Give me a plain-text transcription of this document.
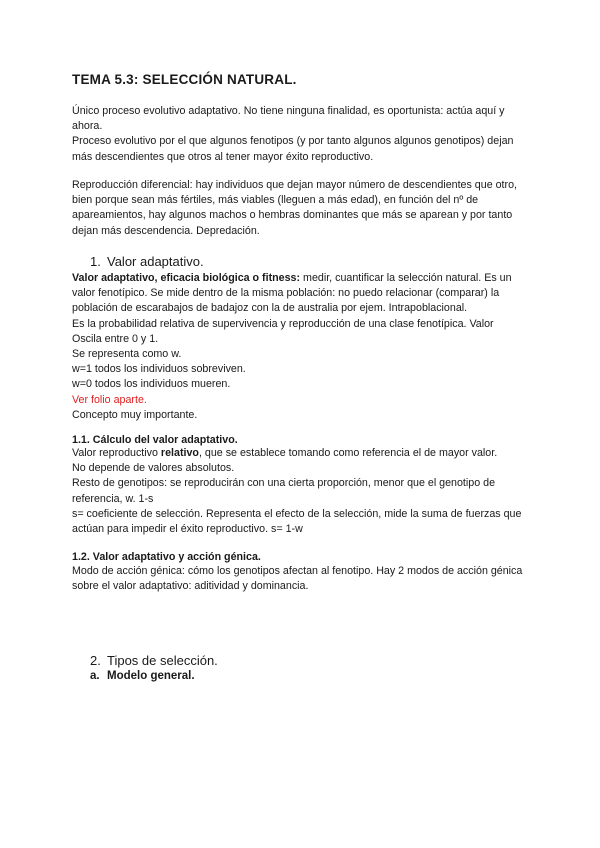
TEMA 5.3: SELECCIÓN NATURAL.

Único proceso evolutivo adaptativo. No tiene ninguna finalidad, es oportunista: actúa aquí y ahora.

Proceso evolutivo por el que algunos fenotipos (y por tanto algunos algunos genotipos) dejan más descendientes que otros al tener mayor éxito reproductivo.

Reproducción diferencial: hay individuos que dejan mayor número de descendientes que otro, bien porque sean más fértiles, más viables (lleguen a más edad), en función del nº de apareamientos, hay algunos machos o hembras dominantes que más se aparean y por tanto dejan más descendencia. Depredación.

1. Valor adaptativo.

Valor adaptativo, eficacia biológica o fitness: medir, cuantificar la selección natural. Es un valor fenotípico. Se mide dentro de la misma población: no puedo relacionar (comparar) la población de escarabajos de badajoz con la de australia por ejem. Intrapoblacional.

Es la probabilidad relativa de supervivencia y reproducción de una clase fenotípica. Valor

Oscila entre 0 y 1.

Se representa como w.

w=1 todos los individuos sobreviven.

w=0 todos los individuos mueren.

Ver folio aparte.

Concepto muy importante.

1.1. Cálculo del valor adaptativo.

Valor reproductivo relativo, que se establece tomando como referencia el de mayor valor.

No depende de valores absolutos.

Resto de genotipos: se reproducirán con una cierta proporción, menor que el genotipo de referencia, w. 1-s

s= coeficiente de selección. Representa el efecto de la selección, mide la suma de fuerzas que actúan para impedir el éxito reproductivo. s= 1-w

1.2. Valor adaptativo y acción génica.

Modo de acción génica: cómo los genotipos afectan al fenotipo. Hay 2 modos de acción génica sobre el valor adaptativo: aditividad y dominancia.

2. Tipos de selección.
a. Modelo general.
